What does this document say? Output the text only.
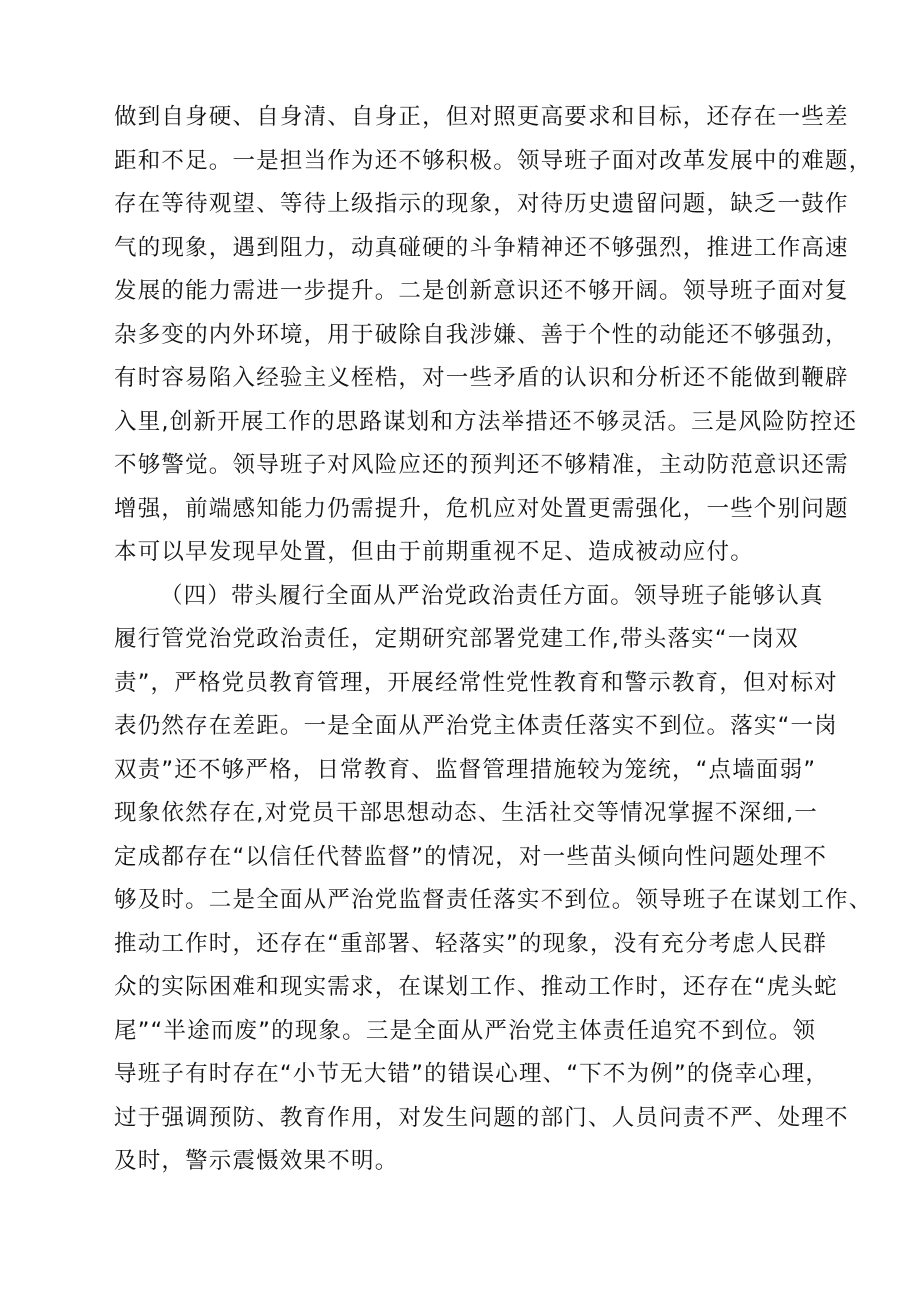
做到自身硬、自身清、自身正，但对照更高要求和目标，还存在一些差
距和不足。一是担当作为还不够积极。领导班子面对改革发展中的难题，
存在等待观望、等待上级指示的现象，对待历史遗留问题，缺乏一鼓作
气的现象，遇到阻力，动真碰硬的斗争精神还不够强烈，推进工作高速
发展的能力需进一步提升。二是创新意识还不够开阔。领导班子面对复
杂多变的内外环境，用于破除自我涉嫌、善于个性的动能还不够强劲，
有时容易陷入经验主义桎梏，对一些矛盾的认识和分析还不能做到鞭辟
入里,创新开展工作的思路谋划和方法举措还不够灵活。三是风险防控还
不够警觉。领导班子对风险应还的预判还不够精准，主动防范意识还需
增强，前端感知能力仍需提升，危机应对处置更需强化，一些个别问题
本可以早发现早处置，但由于前期重视不足、造成被动应付。
（四）带头履行全面从严治党政治责任方面。领导班子能够认真
履行管党治党政治责任，定期研究部署党建工作,带头落实“一岗双
责”，严格党员教育管理，开展经常性党性教育和警示教育，但对标对
表仍然存在差距。一是全面从严治党主体责任落实不到位。落实“一岗
双责”还不够严格，日常教育、监督管理措施较为笼统，“点墙面弱”
现象依然存在,对党员干部思想动态、生活社交等情况掌握不深细,一
定成都存在“以信任代替监督”的情况，对一些苗头倾向性问题处理不
够及时。二是全面从严治党监督责任落实不到位。领导班子在谋划工作、
推动工作时，还存在“重部署、轻落实”的现象，没有充分考虑人民群
众的实际困难和现实需求，在谋划工作、推动工作时，还存在“虎头蛇
尾”“半途而废”的现象。三是全面从严治党主体责任追究不到位。领
导班子有时存在“小节无大错”的错误心理、“下不为例”的侥幸心理，
过于强调预防、教育作用，对发生问题的部门、人员问责不严、处理不
及时，警示震慑效果不明。
